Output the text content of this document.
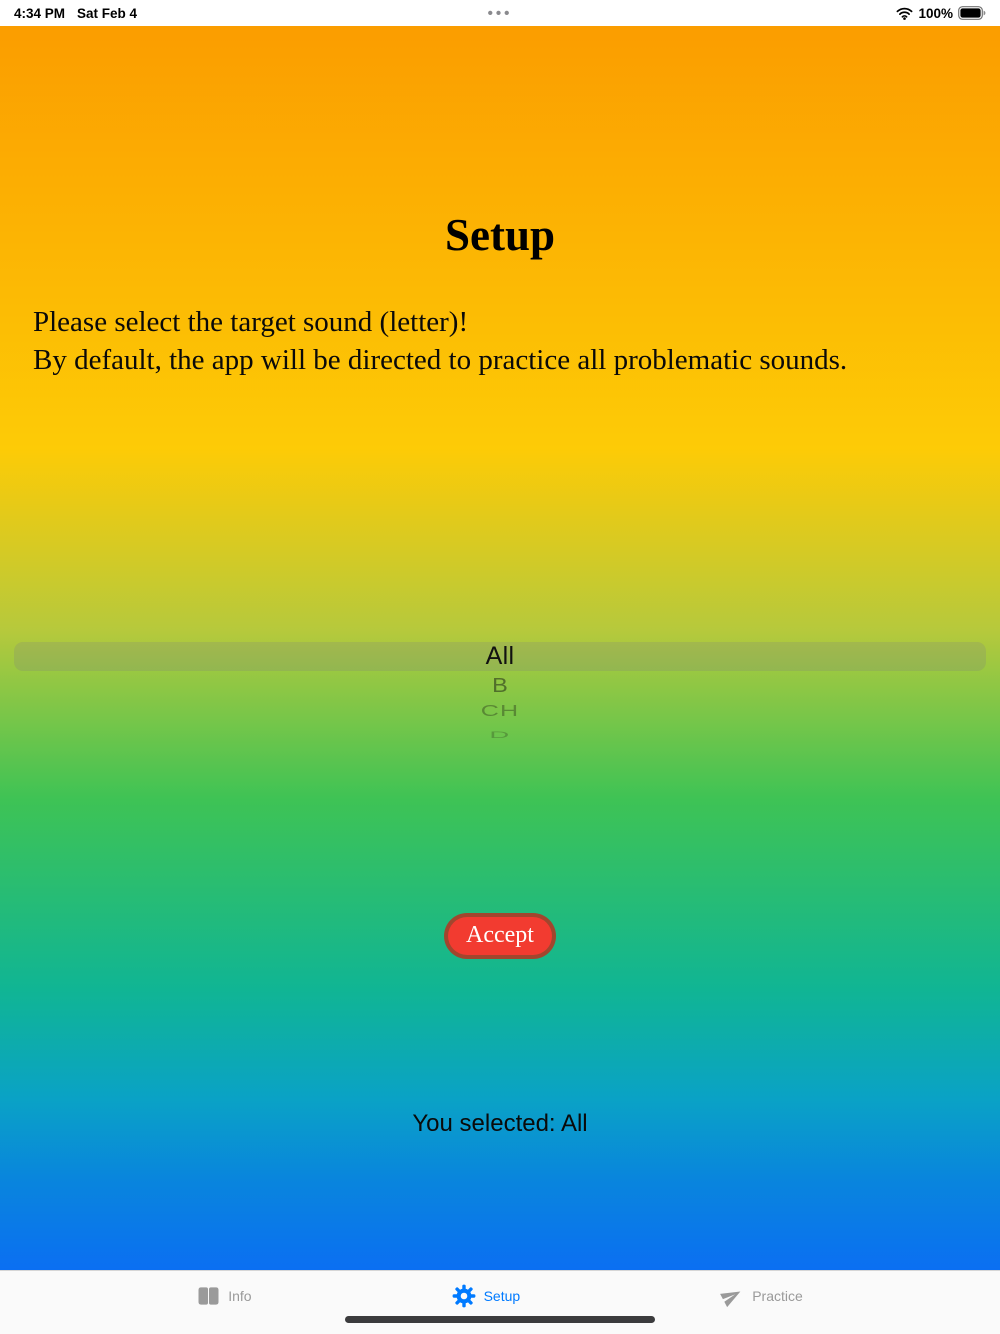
4:34 PM Sat Feb 4	•••	100%
Setup
Please select the target sound (letter)!
By default, the app will be directed to practice all problematic sounds.
All
B
CH
D
Accept
You selected: All
Info	Setup	Practice
